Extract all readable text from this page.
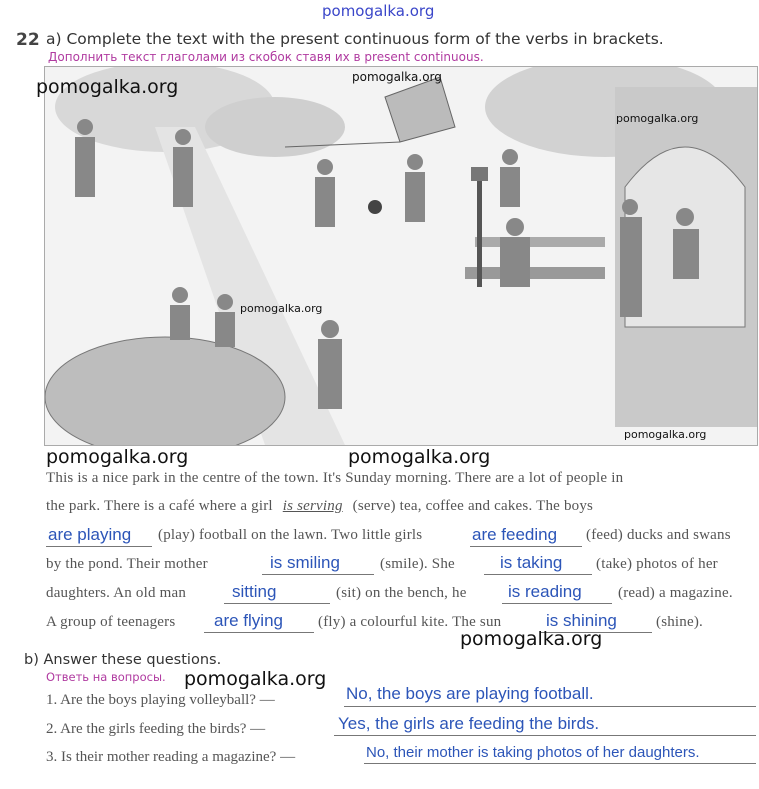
pomogalka.org
22 a) Complete the text with the present continuous form of the verbs in brackets.
Дополнить текст глаголами из скобок ставя их в present continuous.
pomogalka.org	pomogalka.org
pomogalka.org
pomogalka.org
pomogalka.org
pomogalka.org	pomogalka.org
This is a nice park in the centre of the town. It's Sunday morning. There are a lot of people in
the park. There is a café where a girl is serving (serve) tea, coffee and cakes. The boys
are playing (play) football on the lawn. Two little girls	are feeding (feed) ducks and swans
by the pond. Their mother	is smiling	(smile). She	is taking (take) photos of her
daughters. An old man	sitting	(sit) on the bench, he is reading (read) a magazine.
A group of teenagers are flying (fly) a colourful kite. The sun	is shining	(shine).
pomogalka.org
b) Answer these questions.
Ответь на вопросы. pomogalka.org
1. Are the boys playing volleyball? —	No, the boys are playing football.
2. Are the girls feeding the birds? —	Yes, the girls are feeding the birds.
3. Is their mother reading a magazine? —	No, their mother is taking photos of her daughters.
